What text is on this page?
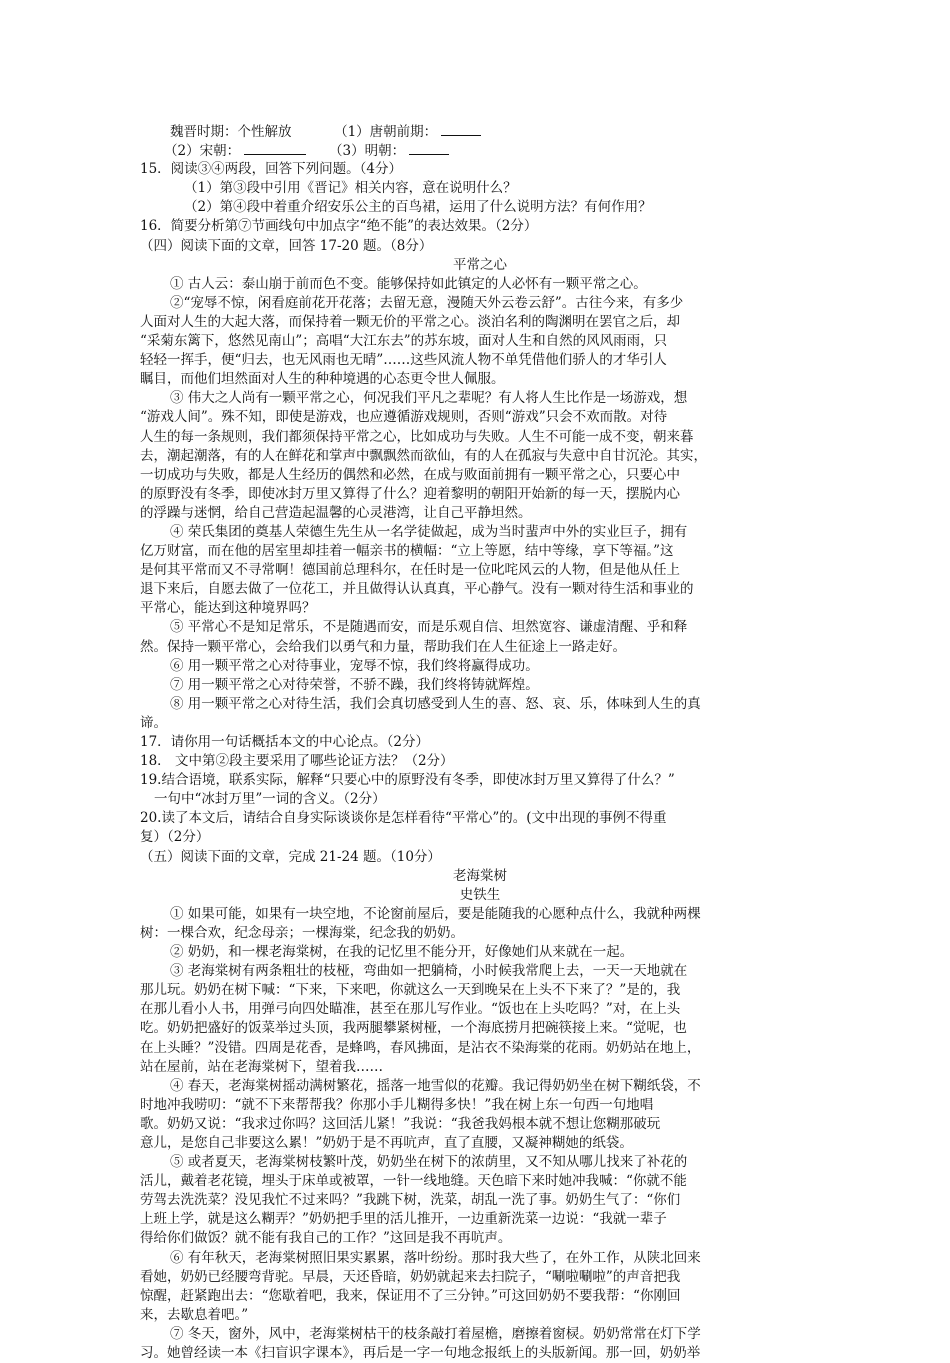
魏晋时期：个性解放	（1）唐朝前期：
（2）宋朝：	（3）明朝：
15．阅读③④两段，回答下列问题。（4分）
（1）第③段中引用《晋记》相关内容，意在说明什么？
（2）第④段中着重介绍安乐公主的百鸟裙，运用了什么说明方法？有何作用？
16．简要分析第⑦节画线句中加点字“绝不能”的表达效果。（2分）
（四）阅读下面的文章，回答 17-20 题。（8分）
平常之心
① 古人云：泰山崩于前而色不变。能够保持如此镇定的人必怀有一颗平常之心。
②“宠辱不惊，闲看庭前花开花落；去留无意，漫随天外云卷云舒”。古往今来，有多少
人面对人生的大起大落，而保持着一颗无价的平常之心。淡泊名利的陶渊明在罢官之后，却
“采菊东篱下，悠然见南山”；高唱“大江东去”的苏东坡，面对人生和自然的风风雨雨，只
轻轻一挥手，便“归去，也无风雨也无晴”……这些风流人物不单凭借他们骄人的才华引人
瞩目，而他们坦然面对人生的种种境遇的心态更令世人佩服。
③ 伟大之人尚有一颗平常之心，何况我们平凡之辈呢？有人将人生比作是一场游戏，想
“游戏人间”。殊不知，即使是游戏，也应遵循游戏规则，否则“游戏”只会不欢而散。对待
人生的每一条规则，我们都须保持平常之心，比如成功与失败。人生不可能一成不变，朝来暮
去，潮起潮落，有的人在鲜花和掌声中飘飘然而欲仙，有的人在孤寂与失意中自甘沉沦。其实，
一切成功与失败，都是人生经历的偶然和必然，在成与败面前拥有一颗平常之心，只要心中
的原野没有冬季，即使冰封万里又算得了什么？迎着黎明的朝阳开始新的每一天，摆脱内心
的浮躁与迷惘，给自己营造起温馨的心灵港湾，让自己平静坦然。
④ 荣氏集团的奠基人荣德生先生从一名学徒做起，成为当时蜚声中外的实业巨子，拥有
亿万财富，而在他的居室里却挂着一幅亲书的横幅：“立上等愿，结中等缘，享下等福。”这
是何其平常而又不寻常啊！德国前总理科尔，在任时是一位叱咤风云的人物，但是他从任上
退下来后，自愿去做了一位花工，并且做得认认真真，平心静气。没有一颗对待生活和事业的
平常心，能达到这种境界吗？
⑤ 平常心不是知足常乐，不是随遇而安，而是乐观自信、坦然宽容、谦虚清醒、乎和释
然。保持一颗平常心，会给我们以勇气和力量，帮助我们在人生征途上一路走好。
⑥ 用一颗平常之心对待事业，宠辱不惊，我们终将赢得成功。
⑦ 用一颗平常之心对待荣誉，不骄不躁，我们终将铸就辉煌。
⑧ 用一颗平常之心对待生活，我们会真切感受到人生的喜、怒、哀、乐，体味到人生的真
谛。
17．请你用一句话概括本文的中心论点。（2分）
18． 文中第②段主要采用了哪些论证方法？（2分）
19.结合语境，联系实际，解释“只要心中的原野没有冬季，即使冰封万里又算得了什么？”
一句中“冰封万里”一词的含义。（2分）
20.读了本文后，请结合自身实际谈谈你是怎样看待“平常心”的。(文中出现的事例不得重
复）（2分）
（五）阅读下面的文章，完成 21-24 题。（10分）
老海棠树
史铁生
① 如果可能，如果有一块空地，不论窗前屋后，要是能随我的心愿种点什么，我就种两棵
树：一棵合欢，纪念母亲；一棵海棠，纪念我的奶奶。
② 奶奶，和一棵老海棠树，在我的记忆里不能分开，好像她们从来就在一起。
③ 老海棠树有两条粗壮的枝桠，弯曲如一把躺椅，小时候我常爬上去，一天一天地就在
那儿玩。奶奶在树下喊：“下来，下来吧，你就这么一天到晚呆在上头不下来了？”是的，我
在那儿看小人书，用弹弓向四处瞄准，甚至在那儿写作业。“饭也在上头吃吗？”对，在上头
吃。奶奶把盛好的饭菜举过头顶，我两腿攀紧树桠，一个海底捞月把碗筷接上来。“觉呢，也
在上头睡？”没错。四周是花香，是蜂鸣，春风拂面，是沾衣不染海棠的花雨。奶奶站在地上，
站在屋前，站在老海棠树下，望着我……
④ 春天，老海棠树摇动满树繁花，摇落一地雪似的花瓣。我记得奶奶坐在树下糊纸袋，不
时地冲我唠叨：“就不下来帮帮我？你那小手儿糊得多快！”我在树上东一句西一句地唱
歌。奶奶又说：“我求过你吗？这回活儿紧！”我说：“我爸我妈根本就不想让您糊那破玩
意儿，是您自己非要这么累！”奶奶于是不再吭声，直了直腰，又凝神糊她的纸袋。
⑤ 或者夏天，老海棠树枝繁叶茂，奶奶坐在树下的浓荫里，又不知从哪儿找来了补花的
活儿，戴着老花镜，埋头于床单或被罩，一针一线地缝。天色暗下来时她冲我喊：“你就不能
劳驾去洗洗菜？没见我忙不过来吗？”我跳下树，洗菜，胡乱一洗了事。奶奶生气了：“你们
上班上学，就是这么糊弄？”奶奶把手里的活儿推开，一边重新洗菜一边说：“我就一辈子
得给你们做饭？就不能有我自己的工作？”这回是我不再吭声。
⑥ 有年秋天，老海棠树照旧果实累累，落叶纷纷。那时我大些了，在外工作，从陕北回来
看她，奶奶已经腰弯背驼。早晨，天还昏暗，奶奶就起来去扫院子，“唰啦唰啦”的声音把我
惊醒，赶紧跑出去：“您歇着吧，我来，保证用不了三分钟。”可这回奶奶不要我帮：“你刚回
来，去歇息着吧。”
⑦ 冬天，窗外，风中，老海棠树枯干的枝条敲打着屋檐，磨擦着窗棂。奶奶常常在灯下学
习。她曾经读一本《扫盲识字课本》，再后是一字一句地念报纸上的头版新闻。那一回，奶奶举
